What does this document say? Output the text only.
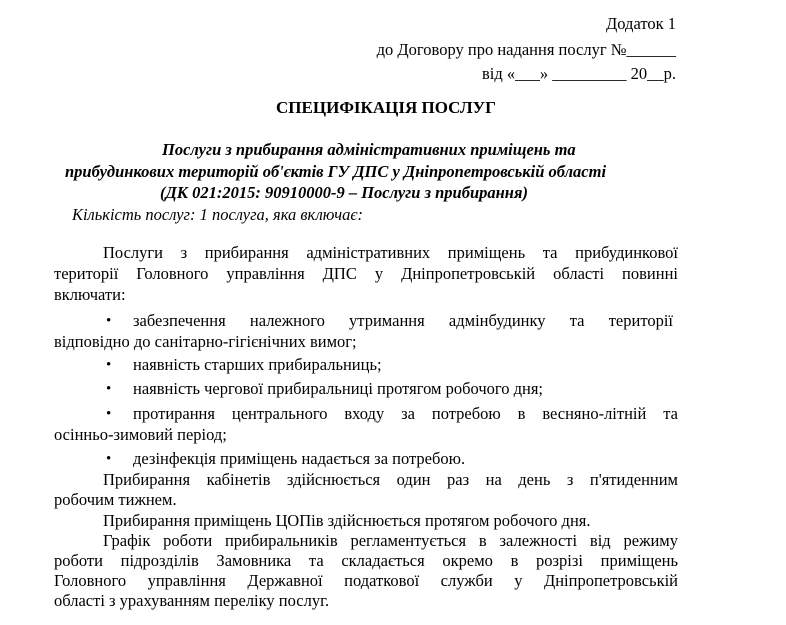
Додаток 1
до Договору про надання послуг №______
від «___» _________ 20__р.
СПЕЦИФІКАЦІЯ ПОСЛУГ
Послуги з прибирання адміністративних приміщень та
прибудинкових територій об'єктів ГУ ДПС у Дніпропетровській області
(ДК 021:2015: 90910000-9 – Послуги з прибирання)
Кількість послуг: 1 послуга, яка включає:
Послуги з прибирання адміністративних приміщень та прибудинкової
території Головного управління ДПС у Дніпропетровській області повинні
включати:
• забезпечення належного утримання адмінбудинку та території
відповідно до санітарно-гігієнічних вимог;
• наявність старших прибиральниць;
• наявність чергової прибиральниці протягом робочого дня;
• протирання центрального входу за потребою в весняно-літній та
осінньо-зимовий період;
• дезінфекція приміщень надається за потребою.
Прибирання кабінетів здійснюється один раз на день з п'ятиденним
робочим тижнем.
Прибирання приміщень ЦОПів здійснюється протягом робочого дня.
Графік роботи прибиральників регламентується в залежності від режиму
роботи підрозділів Замовника та складається окремо в розрізі приміщень
Головного управління Державної податкової служби у Дніпропетровській
області з урахуванням переліку послуг.
